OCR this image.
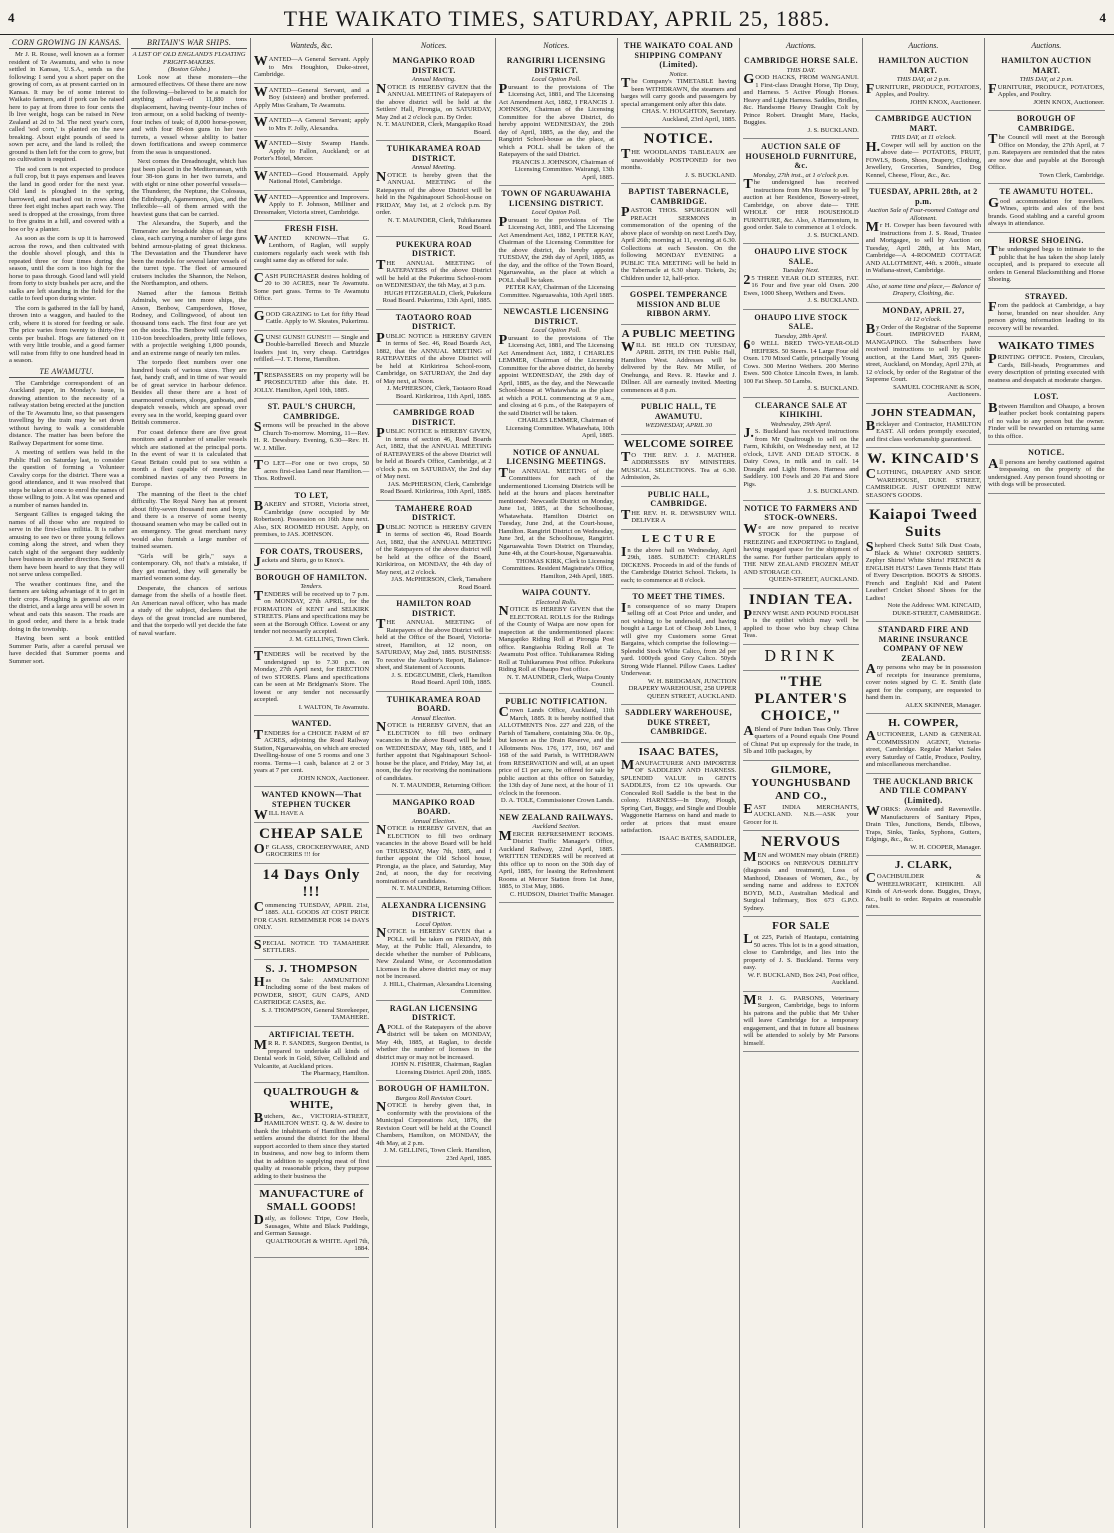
4	THE WAIKATO TIMES, SATURDAY, APRIL 25, 1885.	4
CORN GROWING IN KANSAS.

Mr J. R. Rouse, well known as a former resident of Te Awamutu, and who is now settled in Kansas, U.S.A., sends us the following: I send you a short paper on the growing of corn, as at present carried on in Kansas. It may be of some interest to Waikato farmers, and if pork can be raised here to pay at from three to four cents the lb live weight, hogs can be raised in New Zealand at 2d to 3d. The next year's corn, called 'sod corn,' is planted on the new breaking. About eight pounds of seed is sown per acre, and the land is rolled; the ground is then left for the corn to grow, but no cultivation is required.

The sod corn is not expected to produce a full crop, but it pays expenses and leaves the land in good order for the next year. Old land is ploughed in the spring, harrowed, and marked out in rows about three feet eight inches apart each way. The seed is dropped at the crossings, from three to five grains in a hill, and covered with a hoe or by a planter.

As soon as the corn is up it is harrowed across the rows, and then cultivated with the double shovel plough, and this is repeated three or four times during the season, until the corn is too high for the horse to pass through. Good land will yield from forty to sixty bushels per acre, and the stalks are left standing in the field for the cattle to feed upon during winter.

The corn is gathered in the fall by hand, thrown into a waggon, and hauled to the crib, where it is stored for feeding or sale. The price varies from twenty to thirty-five cents per bushel. Hogs are fattened on it with very little trouble, and a good farmer will raise from fifty to one hundred head in a season.

TE AWAMUTU.

The Cambridge correspondent of an Auckland paper, in Monday's issue, is drawing attention to the necessity of a railway station being erected at the junction of the Te Awamutu line, so that passengers travelling by the train may be set down without having to walk a considerable distance. The matter has been before the Railway Department for some time.

A meeting of settlers was held in the Public Hall on Saturday last, to consider the question of forming a Volunteer Cavalry corps for the district. There was a good attendance, and it was resolved that steps be taken at once to enrol the names of those willing to join. A list was opened and a number of names handed in.

Sergeant Gillies is engaged taking the names of all those who are required to serve in the first-class militia. It is rather amusing to see two or three young fellows coming along the street, and when they catch sight of the sergeant they suddenly have business in another direction. Some of them have been heard to say that they will not serve unless compelled.

The weather continues fine, and the farmers are taking advantage of it to get in their crops. Ploughing is general all over the district, and a large area will be sown in wheat and oats this season. The roads are in good order, and there is a brisk trade doing in the township.

Having been sent a book entitled Summer Paris, after a careful perusal we have decided that Summer poems and Summer sort.

BRITAIN'S WAR SHIPS.
A LIST OF OLD ENGLAND'S FLOATING FRIGHT-MAKERS.
(Boston Globe.)

Look now at these monsters—the armoured effectives. Of these there are now the following—believed to be a match for anything afloat—of 11,880 tons displacement, having twenty-four inches of iron armour, on a solid backing of twenty-four inches of teak; of 8,000 horse-power, and with four 80-ton guns in her two turrets, a vessel whose ability to batter down fortifications and sweep commerce from the seas is unquestioned.

Next comes the Dreadnought, which has just been placed in the Mediterranean, with four 38-ton guns in her two turrets, and with eight or nine other powerful vessels—the Thunderer, the Neptune, the Colossus, the Edinburgh, Agamemnon, Ajax, and the Inflexible—all of them armed with the heaviest guns that can be carried.

The Alexandra, the Superb, and the Temeraire are broadside ships of the first class, each carrying a number of large guns behind armour-plating of great thickness. The Devastation and the Thunderer have been the models for several later vessels of the turret type. The fleet of armoured cruisers includes the Shannon, the Nelson, the Northampton, and others.

Named after the famous British Admirals, we see ten more ships, the Anson, Benbow, Camperdown, Howe, Rodney, and Collingwood, of about ten thousand tons each. The first four are yet on the stocks. The Benbow will carry two 110-ton breechloaders, pretty little fellows, with a projectile weighing 1,800 pounds, and an extreme range of nearly ten miles.

The torpedo fleet numbers over one hundred boats of various sizes. They are fast, handy craft, and in time of war would be of great service in harbour defence. Besides all these there are a host of unarmoured cruisers, sloops, gunboats, and despatch vessels, which are spread over every sea in the world, keeping guard over British commerce.

For coast defence there are five great monitors and a number of smaller vessels which are stationed at the principal ports. In the event of war it is calculated that Great Britain could put to sea within a month a fleet capable of meeting the combined navies of any two Powers in Europe.

The manning of the fleet is the chief difficulty. The Royal Navy has at present about fifty-seven thousand men and boys, and there is a reserve of some twenty thousand seamen who may be called out in an emergency. The great merchant navy would also furnish a large number of trained seamen.

"Girls will be girls," says a contemporary. Oh, no! that's a mistake, if they get married, they will generally be married women some day.

Desperate, the chances of serious damage from the shells of a hostile fleet. An American naval officer, who has made a study of the subject, declares that the days of the great ironclad are numbered, and that the torpedo will yet decide the fate of naval warfare.

Wanteds, &c.
WANTED—A General Servant. Apply to Mrs Houghton, Duke-street, Cambridge.
WANTED—General Servant, and a Boy (sixteen) and brother preferred. Apply Miss Graham, Te Awamutu.
WANTED—A General Servant; apply to Mrs F. Jolly, Alexandra.
WANTED—Sixty Swamp Hands. Apply to Fallon, Auckland; or at Porter's Hotel, Mercer.
WANTED—Good Housemaid. Apply National Hotel, Cambridge.
WANTED—Apprentice and Improvers. Apply to F. Johnson, Milliner and Dressmaker, Victoria street, Cambridge.
FRESH FISH.
WANTED KNOWN—That G. Lenthorn, of Raglan, will supply customers regularly each week with fish caught same day as offered for sale.
CASH PURCHASER desires holding of 20 to 30 ACRES, near Te Awamutu. Some part grass. Terms to Te Awamutu Office.
GOOD GRAZING to Let for fifty Head Cattle. Apply to W. Skeates, Pukerimu.
GUNS! GUNS!! GUNS!!! — Single and Double-barrelled Breech and Muzzle loaders just in, very cheap. Cartridges refilled.—J. T. Horne, Hamilton.
TRESPASSERS on my property will be PROSECUTED after this date. H. JOLLY. Hamilton, April 10th, 1885.
ST. PAUL'S CHURCH, CAMBRIDGE.
Sermons will be preached in the above Church To-morrow. Morning, 11—Rev. H. R. Dewsbury. Evening, 6.30—Rev. H. W. J. Miller.
TO LET—For one or two crops, 50 acres first-class Land near Hamilton.—Thos. Rothwell.
TO LET,
BAKERY and STORE, Victoria street, Cambridge (now occupied by Mr Robertson). Possession on 16th June next. Also, SIX ROOMED HOUSE. Apply, on premises, to JAS. JOHNSON.
FOR COATS, TROUSERS,
Jackets and Shirts, go to Knox's.
BOROUGH OF HAMILTON.
Tenders.
TENDERS will be received up to 7 p.m. on MONDAY, 27th APRIL, for the FORMATION of KENT and SELKIRK STREETS. Plans and specifications may be seen at the Borough Office. Lowest or any tender not necessarily accepted.
J. M. GELLING, Town Clerk.
TENDERS will be received by the undersigned up to 7.30 p.m. on Monday, 27th April next, for ERECTION of two STORES. Plans and specifications can be seen at Mr Bridgman's Store. The lowest or any tender not necessarily accepted.
I. WALTON, Te Awamutu.
WANTED.
TENDERS for a CHOICE FARM of 87 ACRES, adjoining the Road Railway Station, Ngaruawahia, on which are erected Dwelling-house of one 5 rooms and one 3 rooms. Terms—1 cash, balance at 2 or 3 years at 7 per cent.
JOHN KNOX, Auctioneer.
WANTED KNOWN—That STEPHEN TUCKER
WILL HAVE A
CHEAP SALE
OF GLASS, CROCKERYWARE, AND GROCERIES !!! for
14 Days Only !!!
Commencing TUESDAY, APRIL 21st, 1885. ALL GOODS AT COST PRICE FOR CASH. REMEMBER FOR 14 DAYS ONLY.
SPECIAL NOTICE TO TAMAHERE SETTLERS.
S. J. THOMPSON
Has On Sale: AMMUNITION! Including some of the best makes of POWDER, SHOT, GUN CAPS, AND CARTRIDGE CASES, &c.
S. J. THOMPSON, General Storekeeper, TAMAHERE.
ARTIFICIAL TEETH.
MR R. F. SANDES, Surgeon Dentist, is prepared to undertake all kinds of Dental work in Gold, Silver, Celluloid and Vulcanite, at Auckland prices.
The Pharmacy, Hamilton.
QUALTROUGH & WHITE,
Butchers, &c., VICTORIA-STREET, HAMILTON WEST. Q. & W. desire to thank the inhabitants of Hamilton and the settlers around the district for the liberal support accorded to them since they started in business, and now beg to inform them that in addition to supplying meat of first quality at reasonable prices, they purpose adding to their business the
MANUFACTURE of SMALL GOODS!
Daily, as follows: Tripe, Cow Heels, Sausages, White and Black Puddings, and German Sausage.
QUALTROUGH & WHITE. April 7th, 1884.
Notices.
MANGAPIKO ROAD DISTRICT.
Annual Meeting.
NOTICE IS HEREBY GIVEN that the ANNUAL MEETING of Ratepayers of the above district will be held at the Settlers' Hall, Pirongia, on SATURDAY, May 2nd at 2 o'clock p.m. By Order.
N. T. MAUNDER, Clerk, Mangapiko Road Board.
TUHIKARAMEA ROAD DISTRICT.
Annual Meeting.
NOTICE is hereby given that the ANNUAL MEETING of the Ratepayers of the above District will be held in the Ngahinapouri School-house on FRIDAY, May 1st, at 2 o'clock p.m. By order.
N. T. MAUNDER, Clerk, Tuhikaramea Road Board.
PUKEKURA ROAD DISTRICT.
THE ANNUAL MEETING of RATEPAYERS of the above District will be held at the Pukerimu School-room on WEDNESDAY, the 6th May, at 3 p.m.
HUGH FITZGERALD, Clerk, Pukekura Road Board. Pukerimu, 13th April, 1885.
TAOTAORO ROAD DISTRICT.
PUBLIC NOTICE is HEREBY GIVEN in terms of Sec. 46, Road Boards Act, 1882, that the ANNUAL MEETING of RATEPAYERS of the above District will be held at Kirikiriroa School-room, Cambridge, on SATURDAY, the 2nd day of May next, at Noon.
J. McPHERSON, Clerk, Taotaoro Road Board. Kirikiriroa, 11th April, 1885.
CAMBRIDGE ROAD DISTRICT.
PUBLIC NOTICE is HEREBY GIVEN, in terms of section 46, Road Boards Act, 1882, that the ANNUAL MEETING of RATEPAYERS of the above District will be held at Board's Office, Cambridge, at 2 o'clock p.m. on SATURDAY, the 2nd day of May next.
JAS. McPHERSON, Clerk, Cambridge Road Board. Kirikiriroa, 10th April, 1885.
TAMAHERE ROAD DISTRICT.
PUBLIC NOTICE is HEREBY GIVEN in terms of section 46, Road Boards Act, 1882, that the ANNUAL MEETING of the Ratepayers of the above district will be held at the office of the Board, Kirikiriroa, on MONDAY, the 4th day of May next, at 2 o'clock.
JAS. McPHERSON, Clerk, Tamahere Road Board.
HAMILTON ROAD DISTRICT.
THE ANNUAL MEETING of Ratepayers of the above District will be held at the Office of the Board, Victoria-street, Hamilton, at 12 noon, on SATURDAY, May 2nd, 1885. BUSINESS: To receive the Auditor's Report, Balance-sheet, and Statement of Accounts.
J. S. EDGECUMBE, Clerk, Hamilton Road Board. April 10th, 1885.
TUHIKARAMEA ROAD BOARD.
Annual Election.
NOTICE is HEREBY GIVEN, that an ELECTION to fill two ordinary vacancies in the above Board will be held on WEDNESDAY, May 6th, 1885, and I further appoint that Ngahinapouri School-house be the place, and Friday, May 1st, at noon, the day for receiving the nominations of candidates.
N. T. MAUNDER, Returning Officer.
MANGAPIKO ROAD BOARD.
Annual Election.
NOTICE is HEREBY GIVEN, that an ELECTION to fill two ordinary vacancies in the above Board will be held on THURSDAY, May 7th, 1885, and I further appoint the Old School house, Pirongia, as the place, and Saturday, May 2nd, at noon, the day for receiving nominations of candidates.
N. T. MAUNDER, Returning Officer.
ALEXANDRA LICENSING DISTRICT.
Local Option.
NOTICE is HEREBY GIVEN that a POLL will be taken on FRIDAY, 8th May, at the Public Hall, Alexandra, to decide whether the number of Publicans, New Zealand Wine, or Accommodation Licenses in the above district may or may not be increased.
J. HILL, Chairman, Alexandra Licensing Committee.
RAGLAN LICENSING DISTRICT.
APOLL of the Ratepayers of the above district will be taken on MONDAY, May 4th, 1885, at Raglan, to decide whether the number of licenses in the district may or may not be increased.
JOHN N. FISHER, Chairman, Raglan Licensing District. April 20th, 1885.
BOROUGH OF HAMILTON.
Burgess Roll Revision Court.
NOTICE is hereby given that, in conformity with the provisions of the Municipal Corporations Act, 1876, the Revision Court will be held at the Council Chambers, Hamilton, on MONDAY, the 4th May, at 2 p.m.
J. M. GELLING, Town Clerk. Hamilton, 23rd April, 1885.
Notices.
RANGIRIRI LICENSING DISTRICT.
Local Option Poll.
Pursuant to the provisions of The Licensing Act, 1881, and The Licensing Act Amendment Act, 1882, I FRANCIS J. JOHNSON, Chairman of the Licensing Committee for the above District, do hereby appoint WEDNESDAY, the 29th day of April, 1885, as the day, and the Rangiriri School-house as the place, at which a POLL shall be taken of the Ratepayers of the said District.
FRANCIS J. JOHNSON, Chairman of Licensing Committee. Wairangi, 13th April, 1885.
TOWN OF NGARUAWAHIA LICENSING DISTRICT.
Local Option Poll.
Pursuant to the provisions of The Licensing Act, 1881, and The Licensing Act Amendment Act, 1882, I PETER KAY, Chairman of the Licensing Committee for the above district, do hereby appoint TUESDAY, the 29th day of April, 1885, as the day, and the office of the Town Board, Ngaruawahia, as the place at which a POLL shall be taken.
PETER KAY, Chairman of the Licensing Committee. Ngaruawahia, 10th April 1885.
NEWCASTLE LICENSING DISTRICT.
Local Option Poll.
Pursuant to the provisions of The Licensing Act, 1881, and The Licensing Act Amendment Act, 1882, I CHARLES LEMMER, Chairman of the Licensing Committee for the above district, do hereby appoint WEDNESDAY, the 29th day of April, 1885, as the day, and the Newcastle School-house at Whatawhata as the place at which a POLL commencing at 9 a.m., and closing at 6 p.m., of the Ratepayers of the said District will be taken.
CHARLES LEMMER, Chairman of Licensing Committee. Whatawhata, 10th April, 1885.
NOTICE OF ANNUAL LICENSING MEETINGS.
The ANNUAL MEETING of the Committees for each of the undermentioned Licensing Districts will be held at the hours and places hereinafter mentioned: Newcastle District on Monday, June 1st, 1885, at the Schoolhouse, Whatawhata. Hamilton District on Tuesday, June 2nd, at the Court-house, Hamilton. Rangiriri District on Wednesday, June 3rd, at the Schoolhouse, Rangiriri. Ngaruawahia Town District on Thursday, June 4th, at the Court-house, Ngaruawahia.
THOMAS KIRK, Clerk to Licensing Committees. Resident Magistrate's Office, Hamilton, 24th April, 1885.
WAIPA COUNTY.
Electoral Rolls.
NOTICE IS HEREBY GIVEN that the ELECTORAL ROLLS for the Ridings of the County of Waipa are now open for inspection at the undermentioned places: Mangapiko Riding Roll at Pirongia Post office. Rangiaohia Riding Roll at Te Awamutu Post office. Tuhikaramea Riding Roll at Tuhikaramea Post office. Pukekura Riding Roll at Ohaupo Post office.
N. T. MAUNDER, Clerk, Waipa County Council.
PUBLIC NOTIFICATION.
Crown Lands Office, Auckland, 11th March, 1885. It is hereby notified that ALLOTMENTS Nos. 227 and 228, of the Parish of Tamahere, containing 30a. 0r. 0p., but known as the Drain Reserve, and the Allotments Nos. 176, 177, 160, 167 and 168 of the said Parish, is WITHDRAWN from RESERVATION and will, at an upset price of £1 per acre, be offered for sale by public auction at this office on Saturday, the 13th day of June next, at the hour of 11 o'clock in the forenoon.
D. A. TOLE, Commissioner Crown Lands.
NEW ZEALAND RAILWAYS.
Auckland Section.
MERCER REFRESHMENT ROOMS. District Traffic Manager's Office, Auckland Railway, 22nd April, 1885. WRITTEN TENDERS will be received at this office up to noon on the 30th day of April, 1885, for leasing the Refreshment Rooms at Mercer Station from 1st June, 1885, to 31st May, 1886.
C. HUDSON, District Traffic Manager.
THE WAIKATO COAL AND SHIPPING COMPANY (Limited).
Notice.
The Company's TIMETABLE having been WITHDRAWN, the steamers and barges will carry goods and passengers by special arrangement only after this date.
CHAS. V. HOUGHTON, Secretary. Auckland, 23rd April, 1885.
NOTICE.
THE WOODLANDS TABLEAUX are unavoidably POSTPONED for two months.
J. S. BUCKLAND.
BAPTIST TABERNACLE, CAMBRIDGE.
PASTOR THOS. SPURGEON will PREACH SERMONS in commemoration of the opening of the above place of worship on next Lord's Day, April 26th; morning at 11, evening at 6.30. Collections at each Session. On the following MONDAY EVENING a PUBLIC TEA MEETING will be held in the Tabernacle at 6.30 sharp. Tickets, 2s; Children under 12, half-price.
GOSPEL TEMPERANCE MISSION AND BLUE RIBBON ARMY.
A PUBLIC MEETING
WILL BE HELD ON TUESDAY, APRIL 28TH, IN THE Public Hall, Hamilton West. Addresses will be delivered by the Rev. Mr Miller, of Onehunga, and Revs. R. Hawke and J. Dillner. All are earnestly invited. Meeting commences at 8 p.m.
PUBLIC HALL, TE AWAMUTU.
WEDNESDAY, APRIL 30
WELCOME SOIREE
TO THE REV. J. J. MATHER. ADDRESSES BY MINISTERS. MUSICAL SELECTIONS. Tea at 6.30. Admission, 2s.
PUBLIC HALL, CAMBRIDGE.
THE REV. H. R. DEWSBURY WILL DELIVER A
L E C T U R E
In the above hall on Wednesday, April 29th, 1885. SUBJECT: CHARLES DICKENS. Proceeds in aid of the funds of the Cambridge District School. Tickets, 1s each; to commence at 8 o'clock.
TO MEET THE TIMES.
In consequence of so many Drapers selling off at Cost Price and under, and not wishing to be undersold, and having bought a Large Lot of Cheap Job Lines, I will give my Customers some Great Bargains, which comprise the following:— Splendid Stock White Calico, from 2d per yard. 1000yds good Grey Calico. 50yds Strong Wide Flannel. Pillow Cases. Ladies' Underwear.
W. H. BRIDGMAN, JUNCTION DRAPERY WAREHOUSE, 258 UPPER QUEEN STREET, AUCKLAND.
SADDLERY WAREHOUSE, DUKE STREET, CAMBRIDGE.
ISAAC BATES,
MANUFACTURER AND IMPORTER OF SADDLERY AND HARNESS. SPLENDID VALUE in GENTS SADDLES, from £2 10s upwards. Our Concealed Roll Saddle is the best in the colony. HARNESS—In Dray, Plough, Spring Cart, Buggy, and Single and Double Waggonette Harness on hand and made to order at prices that must ensure satisfaction.
ISAAC BATES, SADDLER, CAMBRIDGE.
Auctions.
CAMBRIDGE HORSE SALE.
THIS DAY.
GOOD HACKS, FROM WANGANUI. 1 First-class Draught Horse, Tip Dray, and Harness. 5 Active Plough Horses. Heavy and Light Harness. Saddles, Bridles, &c. Handsome Heavy Draught Colt by Prince Robert. Draught Mare, Hacks, Buggies.
J. S. BUCKLAND.
AUCTION SALE OF HOUSEHOLD FURNITURE, &c.
Monday, 27th inst., at 1 o'clock p.m.
The undersigned has received instructions from Mrs Rouse to sell by auction at her Residence, Bowery-street, Cambridge, on above date— THE WHOLE OF HER HOUSEHOLD FURNITURE, &c. Also, A Harmonium, in good order. Sale to commence at 1 o'clock.
J. S. BUCKLAND.
OHAUPO LIVE STOCK SALE.
Tuesday Next.
25 THREE YEAR OLD STEERS, FAT. 16 Four and five year old Oxen. 200 Ewes, 1000 Sheep, Wethers and Ewes.
J. S. BUCKLAND.
OHAUPO LIVE STOCK SALE.
Tuesday, 28th April.
60 WELL BRED TWO-YEAR-OLD HEIFERS. 50 Steers. 14 Large Four old Oxen. 170 Mixed Cattle, principally Young Cows. 300 Merino Wethers. 200 Merino Ewes. 500 Choice Lincoln Ewes, in lamb. 100 Fat Sheep. 50 Lambs.
J. S. BUCKLAND.
CLEARANCE SALE AT KIHIKIHI.
Wednesday, 29th April.
J.S. Buckland has received instructions from Mr Qualtrough to sell on the Farm, Kihikihi, on Wednesday next, at 12 o'clock, LIVE AND DEAD STOCK. 8 Dairy Cows, in milk and in calf. 14 Draught and Light Horses. Harness and Saddlery. 100 Fowls and 20 Fat and Store Pigs.
J. S. BUCKLAND.
NOTICE TO FARMERS AND STOCK-OWNERS.
We are now prepared to receive STOCK for the purpose of FREEZING and EXPORTING to England, having engaged space for the shipment of the same. For further particulars apply to THE NEW ZEALAND FROZEN MEAT AND STORAGE CO.
QUEEN-STREET, AUCKLAND.
INDIAN TEA.
PENNY WISE AND POUND FOOLISH is the epithet which may well be applied to those who buy cheap China Teas.
DRINK
"THE PLANTER'S CHOICE,"
ABlend of Pure Indian Teas Only. Three quarters of a Pound equals One Pound of China! Put up expressly for the trade, in 5lb and 10lb packages, by
GILMORE, YOUNGHUSBAND AND CO.,
EAST INDIA MERCHANTS, AUCKLAND. N.B.—ASK your Grocer for it.
NERVOUS
MEN and WOMEN may obtain (FREE) BOOKS on NERVOUS DEBILITY (diagnosis and treatment), Loss of Manhood, Diseases of Women, &c., by sending name and address to EXTON BOYD, M.D., Australian Medical and Surgical Infirmary, Box 673 G.P.O. Sydney.
FOR SALE
Lot 225, Parish of Hautapu, containing 50 acres. This lot is in a good situation, close to Cambridge, and lies into the property of J. S. Buckland. Terms very easy.
W. F. BUCKLAND, Box 243, Post office, Auckland.
MR J. G. PARSONS, Veterinary Surgeon, Cambridge, begs to inform his patrons and the public that Mr Usher will leave Cambridge for a temporary engagement, and that in future all business will be attended to solely by Mr Parsons himself.
Auctions.
HAMILTON AUCTION MART.
THIS DAY, at 2 p.m.
FURNITURE, PRODUCE, POTATOES, Apples, and Poultry.
JOHN KNOX, Auctioneer.
CAMBRIDGE AUCTION MART.
THIS DAY, at 11 o'clock.
H.Cowper will sell by auction on the above date— POTATOES, FRUIT, FOWLS, Boots, Shoes, Drapery, Clothing, Jewellery, Groceries, Sundries, Dog Kennel, Cheese, Flour, &c., &c.
TUESDAY, APRIL 28th, at 2 p.m.
Auction Sale of Four-roomed Cottage and Allotment.
Mr H. Cowper has been favoured with instructions from J. S. Read, Trustee and Mortgagee, to sell by Auction on Tuesday, April 28th, at his Mart, Cambridge—A 4-ROOMED COTTAGE AND ALLOTMENT, 44ft. x 200ft., situate in Wafiana-street, Cambridge.
Also, at same time and place,— Balance of Drapery, Clothing, &c.
MONDAY, APRIL 27,
At 12 o'clock.
By Order of the Registrar of the Supreme Court. IMPROVED FARM, MANGAPIKO. The Subscribers have received instructions to sell by public auction, at the Land Mart, 395 Queen-street, Auckland, on Monday, April 27th, at 12 o'clock, by order of the Registrar of the Supreme Court.
SAMUEL COCHRANE & SON, Auctioneers.
JOHN STEADMAN,
Bricklayer and Contractor, HAMILTON EAST. All orders promptly executed, and first class workmanship guaranteed.
W. KINCAID'S
CLOTHING, DRAPERY AND SHOE WAREHOUSE, DUKE STREET, CAMBRIDGE. JUST OPENED! NEW SEASON'S GOODS.
Kaiapoi Tweed Suits
Shepherd Check Suits! Silk Dust Coats, Black & White! OXFORD SHIRTS. Zephyr Shirts! White Shirts! FRENCH & ENGLISH HATS! Lawn Tennis Hats! Hats of Every Description. BOOTS & SHOES. French and English! Kid and Patent Leather! Cricket Shoes! Shoes for the Ladies!
Note the Address: WM. KINCAID, DUKE-STREET, CAMBRIDGE.
STANDARD FIRE AND MARINE INSURANCE COMPANY OF NEW ZEALAND.
Any persons who may be in possession of receipts for insurance premiums, cover notes signed by C. E. Smith (late agent for the company, are requested to hand them in.
ALEX SKINNER, Manager.
H. COWPER,
AUCTIONEER, LAND & GENERAL COMMISSION AGENT, Victoria-street, Cambridge. Regular Market Sales every Saturday of Cattle, Produce, Poultry, and miscellaneous merchandise.
THE AUCKLAND BRICK AND TILE COMPANY (Limited).
WORKS: Avondale and Ravensville. Manufacturers of Sanitary Pipes, Drain Tiles, Junctions, Bends, Elbows, Traps, Sinks, Tanks, Syphons, Gutters, Edgings, &c., &c.
W. H. COOPER, Manager.
J. CLARK,
COACHBUILDER & WHEELWRIGHT, KIHIKIHI. All Kinds of Art-work done. Buggies, Drays, &c., built to order. Repairs at reasonable rates.
Auctions.
HAMILTON AUCTION MART.
THIS DAY, at 2 p.m.
FURNITURE, PRODUCE, POTATOES, Apples, and Poultry.
JOHN KNOX, Auctioneer.
BOROUGH OF CAMBRIDGE.
The Council will meet at the Borough Office on Monday, the 27th April, at 7 p.m. Ratepayers are reminded that the rates are now due and payable at the Borough Office.
Town Clerk, Cambridge.
TE AWAMUTU HOTEL.
Good accommodation for travellers. Wines, spirits and ales of the best brands. Good stabling and a careful groom always in attendance.
HORSE SHOEING.
The undersigned begs to intimate to the public that he has taken the shop lately occupied, and is prepared to execute all orders in General Blacksmithing and Horse Shoeing.
STRAYED.
From the paddock at Cambridge, a bay horse, branded on near shoulder. Any person giving information leading to its recovery will be rewarded.
WAIKATO TIMES
PRINTING OFFICE. Posters, Circulars, Cards, Bill-heads, Programmes and every description of printing executed with neatness and despatch at moderate charges.
LOST.
Between Hamilton and Ohaupo, a brown leather pocket book containing papers of no value to any person but the owner. Finder will be rewarded on returning same to this office.
NOTICE.
All persons are hereby cautioned against trespassing on the property of the undersigned. Any person found shooting or with dogs will be prosecuted.
